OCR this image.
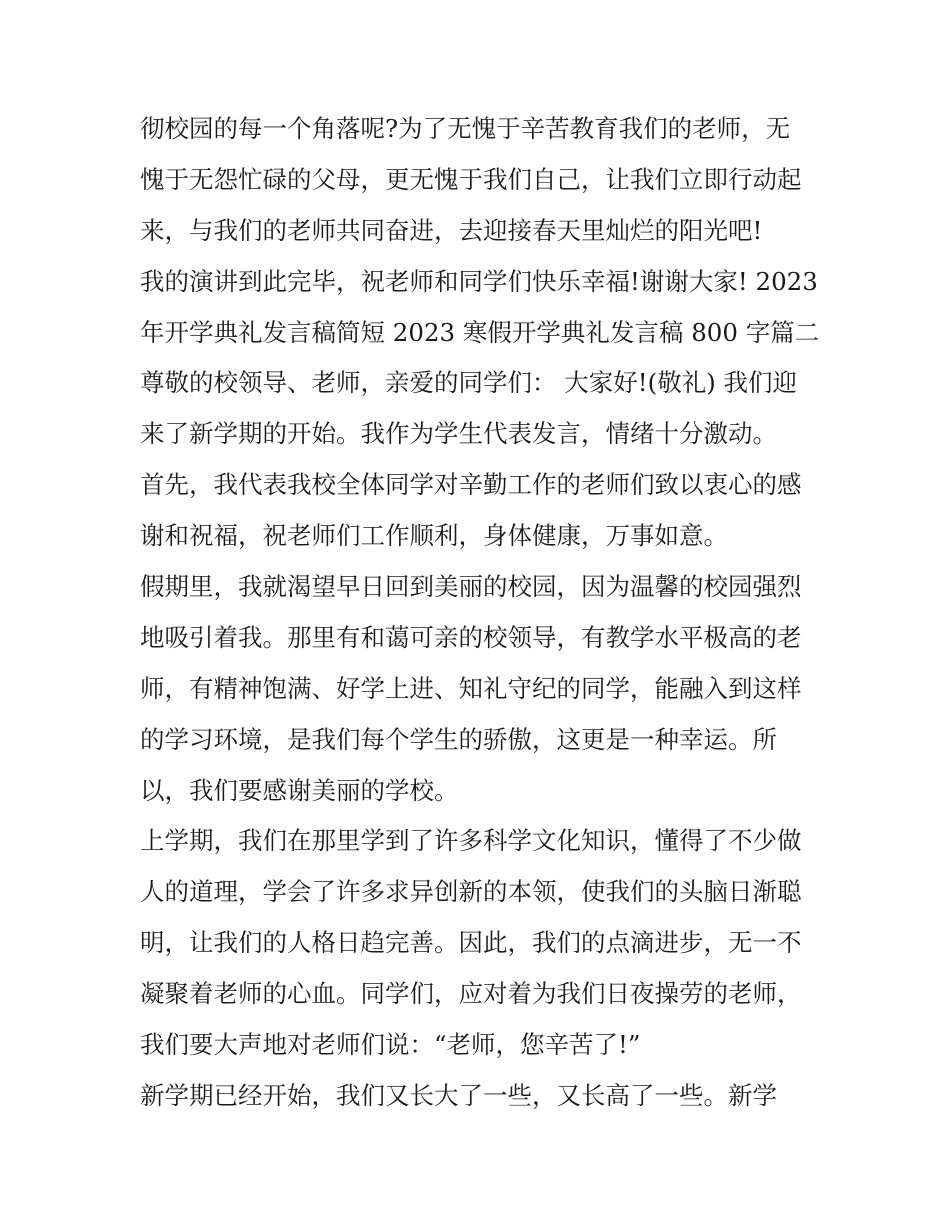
彻校园的每一个角落呢?为了无愧于辛苦教育我们的老师，无
愧于无怨忙碌的父母，更无愧于我们自己，让我们立即行动起
来，与我们的老师共同奋进，去迎接春天里灿烂的阳光吧!
我的演讲到此完毕，祝老师和同学们快乐幸福!谢谢大家! 2023
年开学典礼发言稿简短 2023 寒假开学典礼发言稿 800 字篇二
尊敬的校领导、老师，亲爱的同学们： 大家好!(敬礼) 我们迎
来了新学期的开始。我作为学生代表发言，情绪十分激动。
首先，我代表我校全体同学对辛勤工作的老师们致以衷心的感
谢和祝福，祝老师们工作顺利，身体健康，万事如意。
假期里，我就渴望早日回到美丽的校园，因为温馨的校园强烈
地吸引着我。那里有和蔼可亲的校领导，有教学水平极高的老
师，有精神饱满、好学上进、知礼守纪的同学，能融入到这样
的学习环境，是我们每个学生的骄傲，这更是一种幸运。所
以，我们要感谢美丽的学校。
上学期，我们在那里学到了许多科学文化知识，懂得了不少做
人的道理，学会了许多求异创新的本领，使我们的头脑日渐聪
明，让我们的人格日趋完善。因此，我们的点滴进步，无一不
凝聚着老师的心血。同学们，应对着为我们日夜操劳的老师，
我们要大声地对老师们说：“老师，您辛苦了!”
新学期已经开始，我们又长大了一些，又长高了一些。新学
